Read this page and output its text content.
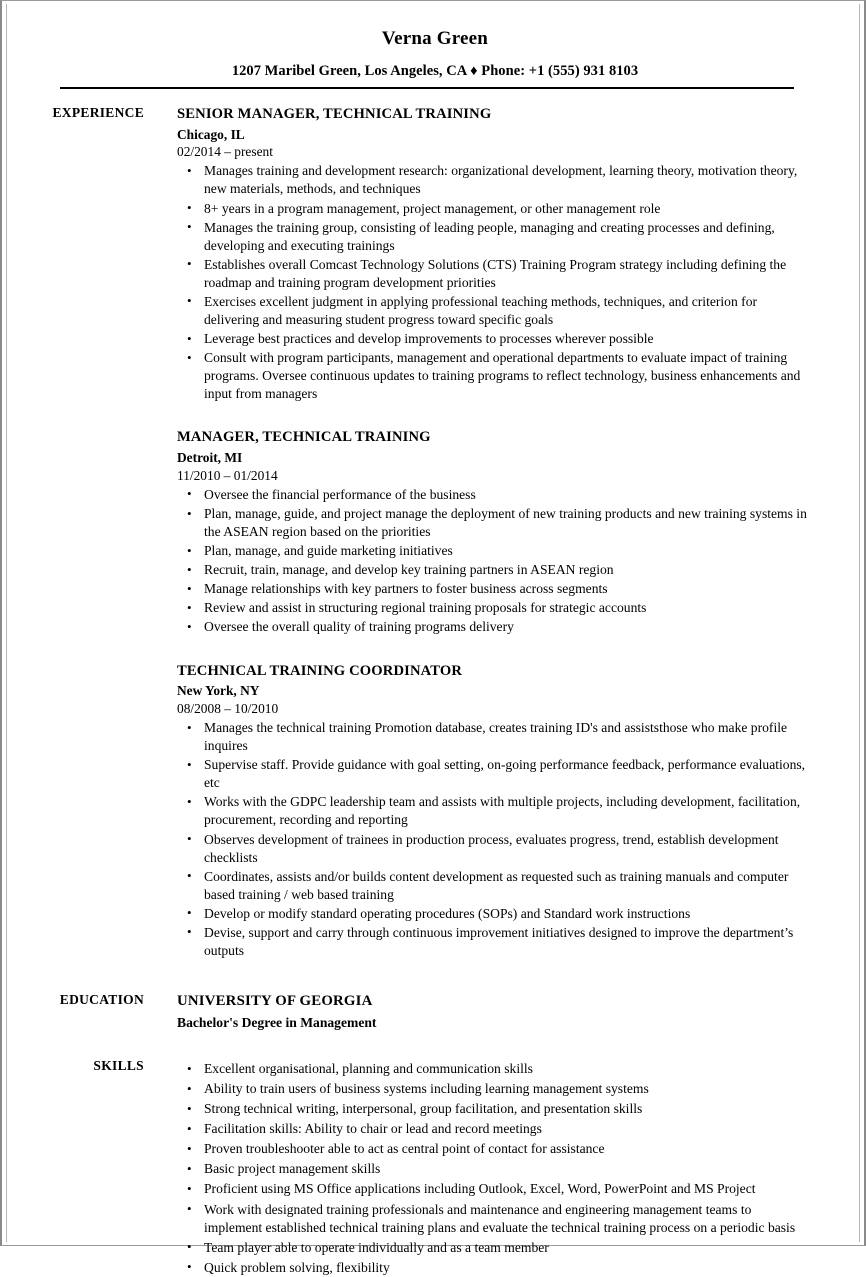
Verna Green
1207 Maribel Green, Los Angeles, CA ♦ Phone: +1 (555) 931 8103
EXPERIENCE	SENIOR MANAGER, TECHNICAL TRAINING
Chicago, IL
02/2014 – present
• Manages training and development research: organizational development, learning theory, motivation theory, new materials, methods, and techniques
• 8+ years in a program management, project management, or other management role
• Manages the training group, consisting of leading people, managing and creating processes and defining, developing and executing trainings
• Establishes overall Comcast Technology Solutions (CTS) Training Program strategy including defining the roadmap and training program development priorities
• Exercises excellent judgment in applying professional teaching methods, techniques, and criterion for delivering and measuring student progress toward specific goals
• Leverage best practices and develop improvements to processes wherever possible
• Consult with program participants, management and operational departments to evaluate impact of training programs. Oversee continuous updates to training programs to reflect technology, business enhancements and input from managers
MANAGER, TECHNICAL TRAINING
Detroit, MI
11/2010 – 01/2014
• Oversee the financial performance of the business
• Plan, manage, guide, and project manage the deployment of new training products and new training systems in the ASEAN region based on the priorities
• Plan, manage, and guide marketing initiatives
• Recruit, train, manage, and develop key training partners in ASEAN region
• Manage relationships with key partners to foster business across segments
• Review and assist in structuring regional training proposals for strategic accounts
• Oversee the overall quality of training programs delivery
TECHNICAL TRAINING COORDINATOR
New York, NY
08/2008 – 10/2010
• Manages the technical training Promotion database, creates training ID's and assiststhose who make profile inquires
• Supervise staff. Provide guidance with goal setting, on-going performance feedback, performance evaluations, etc
• Works with the GDPC leadership team and assists with multiple projects, including development, facilitation, procurement, recording and reporting
• Observes development of trainees in production process, evaluates progress, trend, establish development checklists
• Coordinates, assists and/or builds content development as requested such as training manuals and computer based training / web based training
• Develop or modify standard operating procedures (SOPs) and Standard work instructions
• Devise, support and carry through continuous improvement initiatives designed to improve the department’s outputs
EDUCATION	UNIVERSITY OF GEORGIA
Bachelor's Degree in Management
SKILLS	• Excellent organisational, planning and communication skills
• Ability to train users of business systems including learning management systems
• Strong technical writing, interpersonal, group facilitation, and presentation skills
• Facilitation skills: Ability to chair or lead and record meetings
• Proven troubleshooter able to act as central point of contact for assistance
• Basic project management skills
• Proficient using MS Office applications including Outlook, Excel, Word, PowerPoint and MS Project
• Work with designated training professionals and maintenance and engineering management teams to implement established technical training plans and evaluate the technical training process on a periodic basis
• Team player able to operate individually and as a team member
• Quick problem solving, flexibility
